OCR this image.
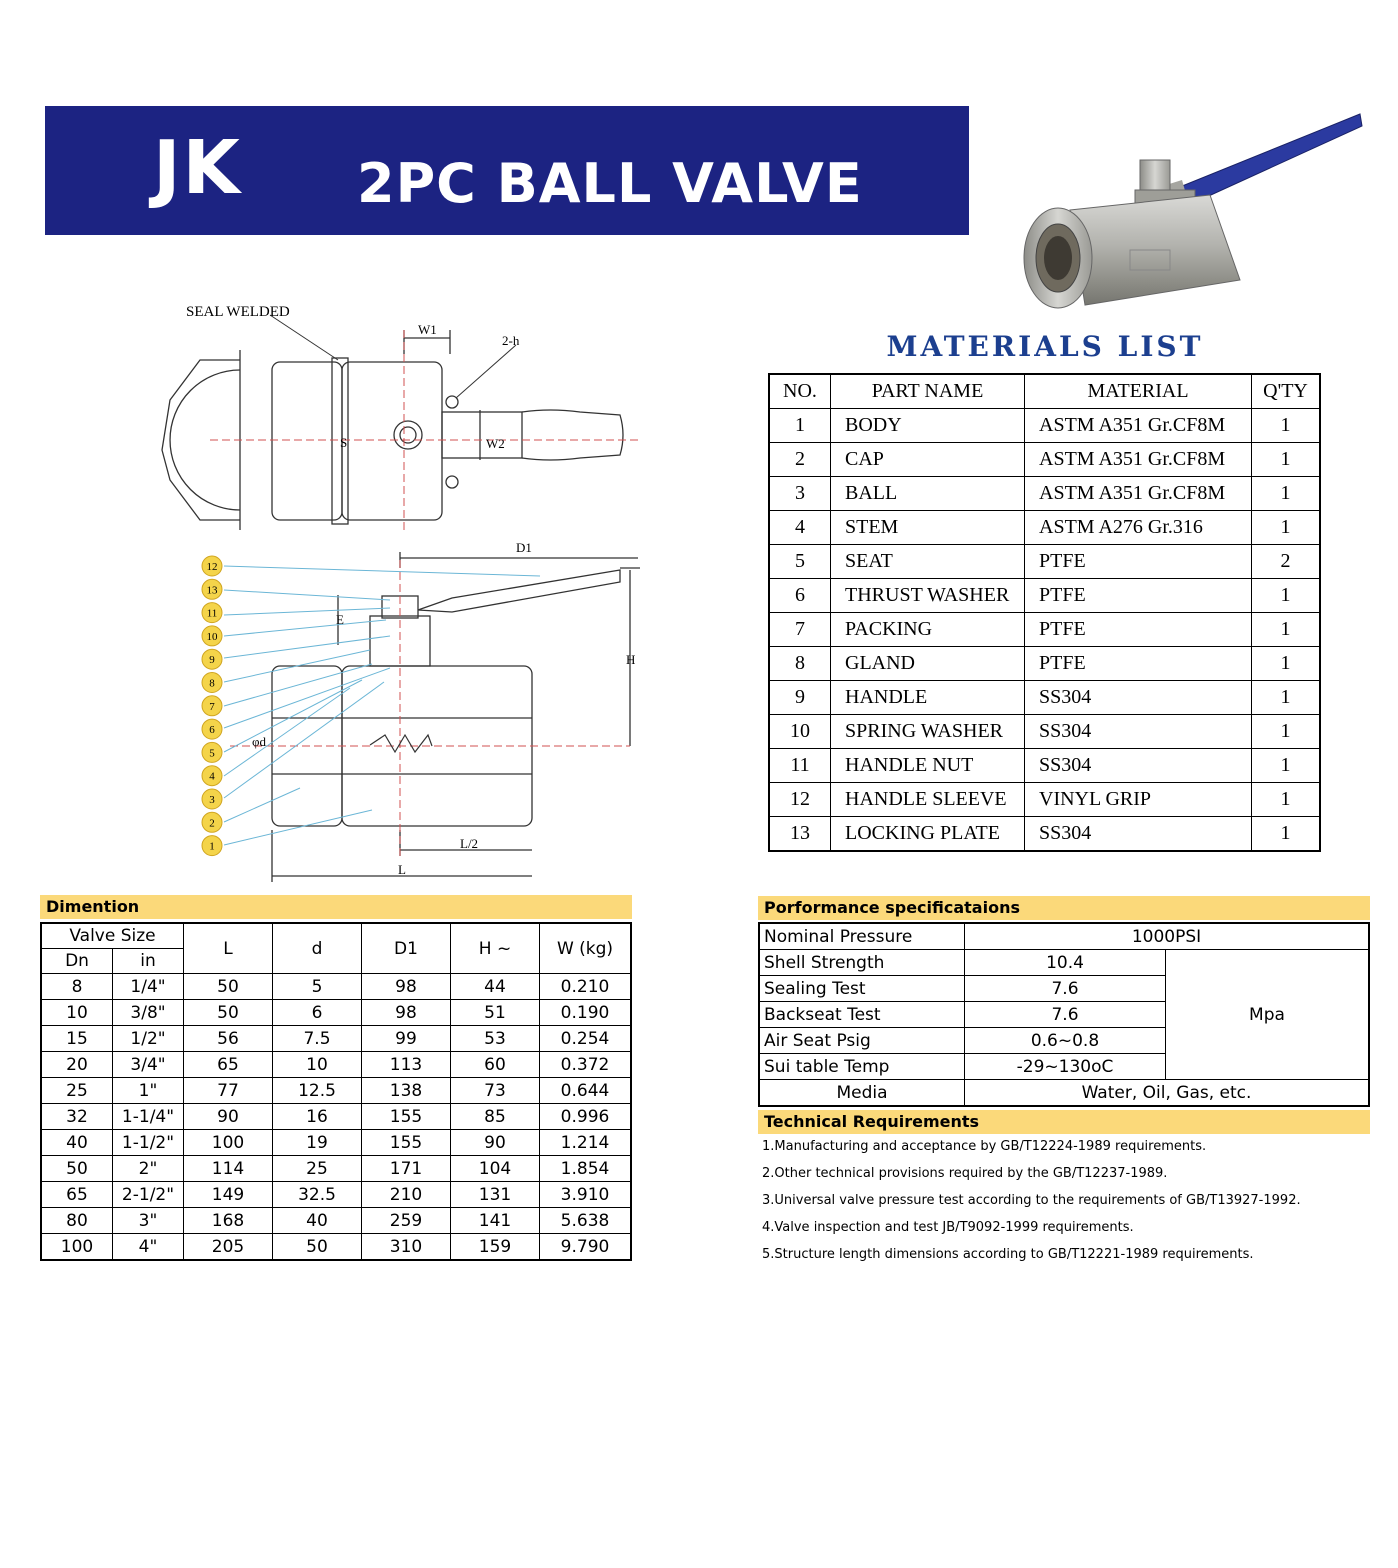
JK 2PC BALL VALVE
SEAL WELDED
W1
2-h
S	W2
D1
E
H
φd
L/2
L
12
13
11
10
9
8
7
6
5
4
3
2
1
MATERIALS LIST
NO.	PART NAME	MATERIAL	Q'TY
1	BODY	ASTM A351 Gr.CF8M	1
2	CAP	ASTM A351 Gr.CF8M	1
3	BALL	ASTM A351 Gr.CF8M	1
4	STEM	ASTM A276 Gr.316	1
5	SEAT	PTFE	2
6	THRUST WASHER	PTFE	1
7	PACKING	PTFE	1
8	GLAND	PTFE	1
9	HANDLE	SS304	1
10	SPRING WASHER	SS304	1
11	HANDLE NUT	SS304	1
12	HANDLE SLEEVE	VINYL GRIP	1
13	LOCKING PLATE	SS304	1
Dimention
Valve Size		L	d	D1	H ~	W (kg)
Dn	in					
8	1/4"	50	5	98	44	0.210
10	3/8"	50	6	98	51	0.190
15	1/2"	56	7.5	99	53	0.254
20	3/4"	65	10	113	60	0.372
25	1"	77	12.5	138	73	0.644
32	1-1/4"	90	16	155	85	0.996
40	1-1/2"	100	19	155	90	1.214
50	2"	114	25	171	104	1.854
65	2-1/2"	149	32.5	210	131	3.910
80	3"	168	40	259	141	5.638
100	4"	205	50	310	159	9.790
Porformance specificataions
Nominal Pressure	1000PSI	
Shell Strength	10.4	Mpa
Sealing Test	7.6	
Backseat Test	7.6	
Air Seat Psig	0.6~0.8	
Sui table Temp	-29~130oC	
Media	Water, Oil, Gas, etc.	
Technical Requirements
1.Manufacturing and acceptance by GB/T12224-1989 requirements.
2.Other technical provisions required by the GB/T12237-1989.
3.Universal valve pressure test according to the requirements of GB/T13927-1992.
4.Valve inspection and test JB/T9092-1999 requirements.
5.Structure length dimensions according to GB/T12221-1989 requirements.
